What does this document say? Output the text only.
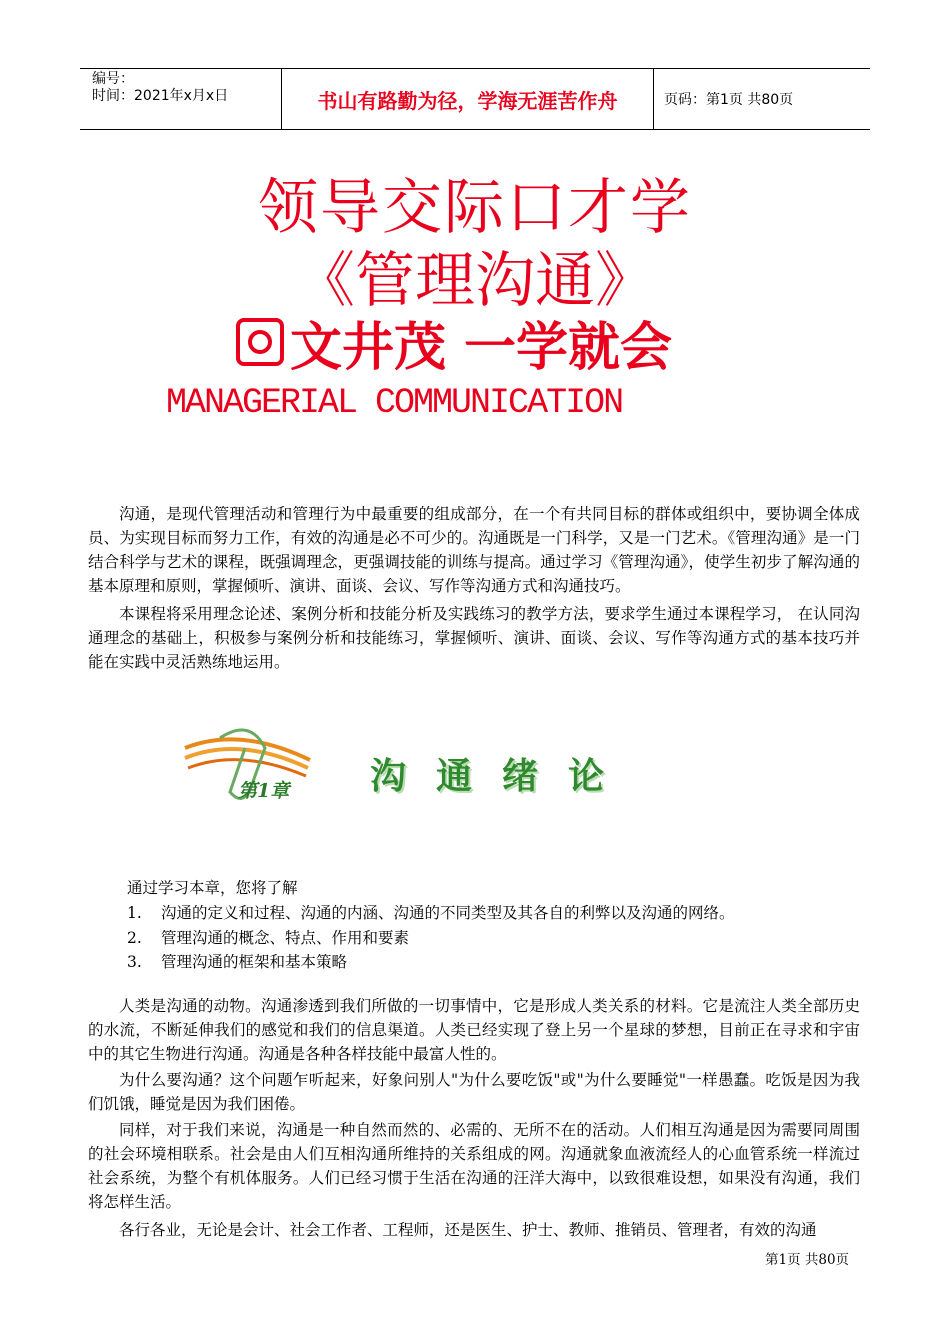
编号：
时间：2021年x月x日	书山有路勤为径，学海无涯苦作舟	页码：第1页 共80页
领导交际口才学
《管理沟通》
文井茂 一学就会
MANAGERIAL COMMUNICATION

沟通，是现代管理活动和管理行为中最重要的组成部分，在一个有共同目标的群体或组织中，要协调全体成员、为实现目标而努力工作，有效的沟通是必不可少的。沟通既是一门科学，又是一门艺术。《管理沟通》是一门结合科学与艺术的课程，既强调理念，更强调技能的训练与提高。通过学习《管理沟通》，使学生初步了解沟通的基本原理和原则，掌握倾听、演讲、面谈、会议、写作等沟通方式和沟通技巧。

本课程将采用理念论述、案例分析和技能分析及实践练习的教学方法，要求学生通过本课程学习， 在认同沟通理念的基础上，积极参与案例分析和技能练习，掌握倾听、演讲、面谈、会议、写作等沟通方式的基本技巧并能在实践中灵活熟练地运用。

第1章 沟通绪论
通过学习本章，您将了解
1. 沟通的定义和过程、沟通的内涵、沟通的不同类型及其各自的利弊以及沟通的网络。
2. 管理沟通的概念、特点、作用和要素
3. 管理沟通的框架和基本策略

人类是沟通的动物。沟通渗透到我们所做的一切事情中，它是形成人类关系的材料。它是流注人类全部历史的水流，不断延伸我们的感觉和我们的信息渠道。人类已经实现了登上另一个星球的梦想，目前正在寻求和宇宙中的其它生物进行沟通。沟通是各种各样技能中最富人性的。

为什么要沟通？这个问题乍听起来，好象问别人"为什么要吃饭"或"为什么要睡觉"一样愚蠢。吃饭是因为我们饥饿，睡觉是因为我们困倦。

同样，对于我们来说，沟通是一种自然而然的、必需的、无所不在的活动。人们相互沟通是因为需要同周围的社会环境相联系。社会是由人们互相沟通所维持的关系组成的网。沟通就象血液流经人的心血管系统一样流过社会系统，为整个有机体服务。人们已经习惯于生活在沟通的汪洋大海中，以致很难设想，如果没有沟通，我们将怎样生活。

各行各业，无论是会计、社会工作者、工程师，还是医生、护士、教师、推销员、管理者，有效的沟通

第1页 共80页
